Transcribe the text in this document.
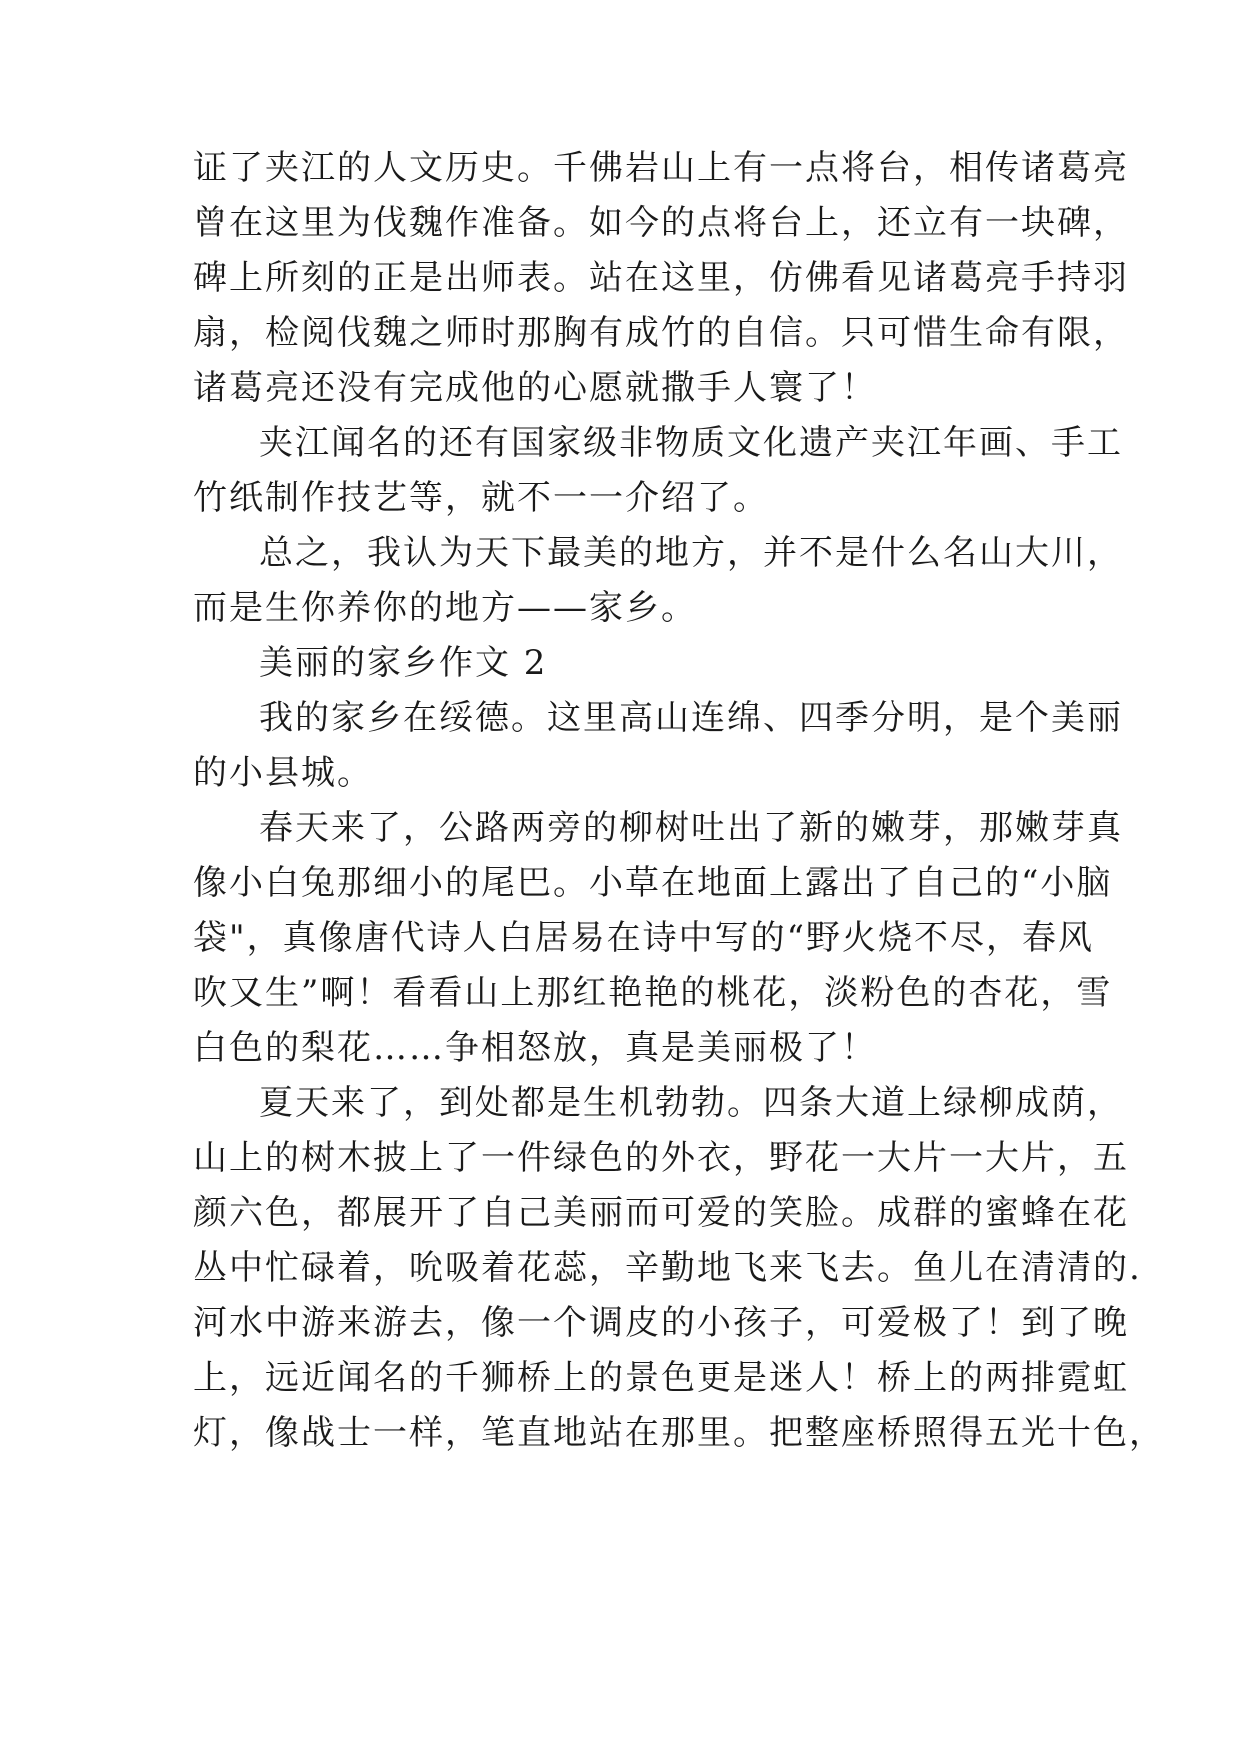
证了夹江的人文历史。千佛岩山上有一点将台，相传诸葛亮
曾在这里为伐魏作准备。如今的点将台上，还立有一块碑，
碑上所刻的正是出师表。站在这里，仿佛看见诸葛亮手持羽
扇，检阅伐魏之师时那胸有成竹的自信。只可惜生命有限，
诸葛亮还没有完成他的心愿就撒手人寰了！
夹江闻名的还有国家级非物质文化遗产夹江年画、手工
竹纸制作技艺等，就不一一介绍了。
总之，我认为天下最美的地方，并不是什么名山大川，
而是生你养你的地方——家乡。
美丽的家乡作文 2
我的家乡在绥德。这里高山连绵、四季分明，是个美丽
的小县城。
春天来了，公路两旁的柳树吐出了新的嫩芽，那嫩芽真
像小白兔那细小的尾巴。小草在地面上露出了自己的“小脑
袋"，真像唐代诗人白居易在诗中写的“野火烧不尽，春风
吹又生”啊！看看山上那红艳艳的桃花，淡粉色的杏花，雪
白色的梨花……争相怒放，真是美丽极了！
夏天来了，到处都是生机勃勃。四条大道上绿柳成荫，
山上的树木披上了一件绿色的外衣，野花一大片一大片，五
颜六色，都展开了自己美丽而可爱的笑脸。成群的蜜蜂在花
丛中忙碌着，吮吸着花蕊，辛勤地飞来飞去。鱼儿在清清的.
河水中游来游去，像一个调皮的小孩子，可爱极了！到了晚
上，远近闻名的千狮桥上的景色更是迷人！桥上的两排霓虹
灯，像战士一样，笔直地站在那里。把整座桥照得五光十色，
